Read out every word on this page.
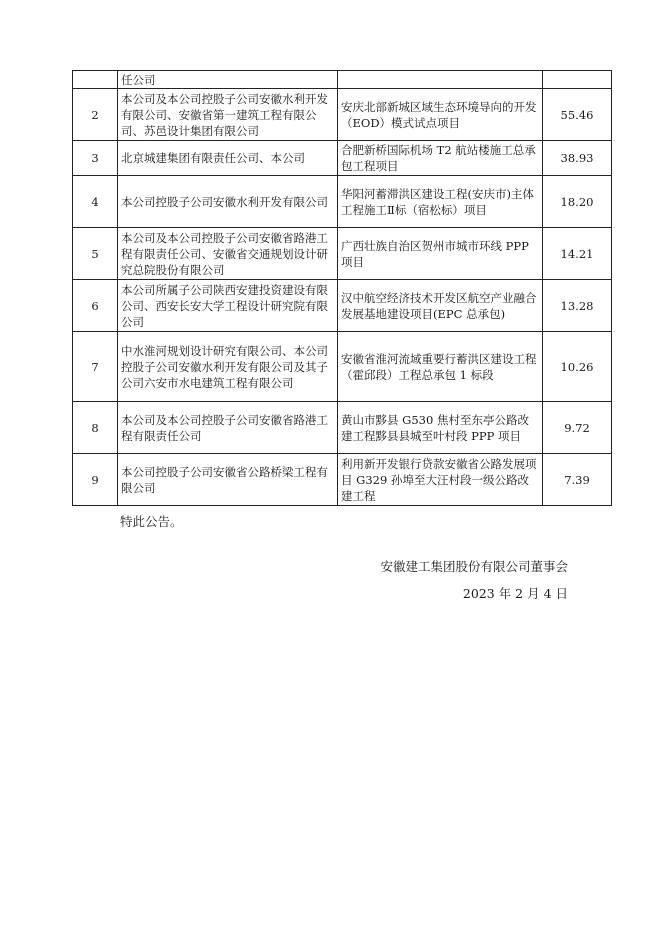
	任公司		
2	本公司及本公司控股子公司安徽水利开发有限公司、安徽省第一建筑工程有限公司、苏邑设计集团有限公司	安庆北部新城区域生态环境导向的开发（EOD）模式试点项目	55.46
3	北京城建集团有限责任公司、本公司	合肥新桥国际机场 T2 航站楼施工总承包工程项目	38.93
4	本公司控股子公司安徽水利开发有限公司	华阳河蓄滞洪区建设工程(安庆市)主体工程施工Ⅱ标（宿松标）项目	18.20
5	本公司及本公司控股子公司安徽省路港工程有限责任公司、安徽省交通规划设计研究总院股份有限公司	广西壮族自治区贺州市城市环线 PPP 项目	14.21
6	本公司所属子公司陕西安建投资建设有限公司、西安长安大学工程设计研究院有限公司	汉中航空经济技术开发区航空产业融合发展基地建设项目(EPC 总承包)	13.28
7	中水淮河规划设计研究有限公司、本公司控股子公司安徽水利开发有限公司及其子公司六安市水电建筑工程有限公司	安徽省淮河流域重要行蓄洪区建设工程（霍邱段）工程总承包 1 标段	10.26
8	本公司及本公司控股子公司安徽省路港工程有限责任公司	黄山市黟县 G530 焦村至东亭公路改建工程黟县县城至叶村段 PPP 项目	9.72
9	本公司控股子公司安徽省公路桥梁工程有限公司	利用新开发银行贷款安徽省公路发展项目 G329 孙埠至大汪村段一级公路改建工程	7.39
特此公告。
安徽建工集团股份有限公司董事会
2023 年 2 月 4 日
